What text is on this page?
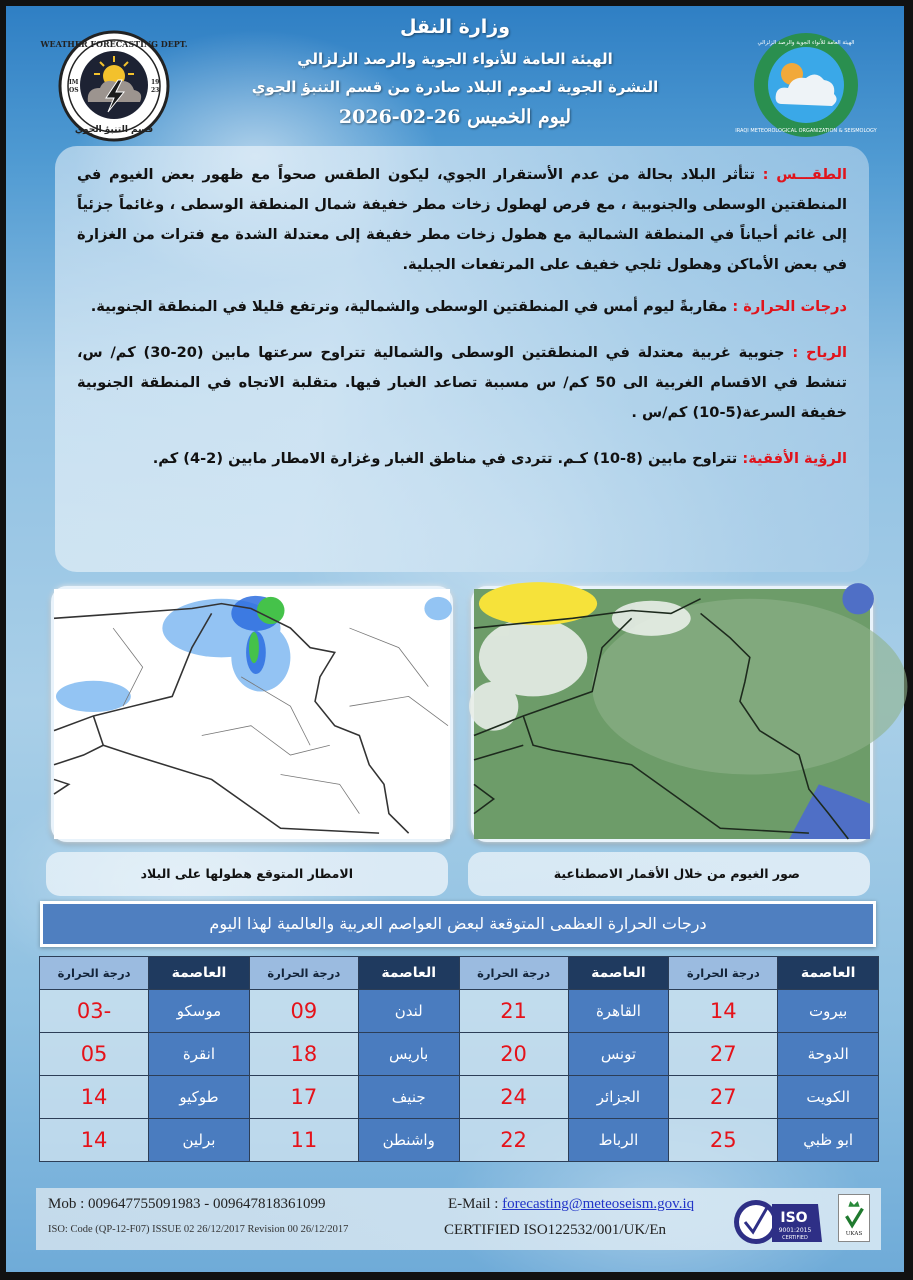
وزارة النقل
الهيئة العامة للأنواء الجوية والرصد الزلزالي
النشرة الجوية لعموم البلاد صادرة من قسم التنبؤ الجوي
ليوم الخميس 26-02-2026
WEATHER FORECASTING DEPT.
IM
OS
19
23
قسم التنبؤ الجوي
الهيئة العامة للأنواء الجوية والرصد الزلزالي
IRAQI METEOROLOGICAL ORGANIZATION & SEISMOLOGY

الطقـــس : تتأثر البلاد بحالة من عدم الأستقرار الجوي، ليكون الطقس صحواً مع ظهور بعض الغيوم في المنطقتين الوسطى والجنوبية ، مع فرص لهطول زخات مطر خفيفة شمال المنطقة الوسطى ، وغائماً جزئياً إلى غائم أحياناً في المنطقة الشمالية مع هطول زخات مطر خفيفة إلى معتدلة الشدة مع فترات من الغزارة في بعض الأماكن وهطول ثلجي خفيف على المرتفعات الجبلية.

درجات الحرارة : مقاربةً ليوم أمس في المنطقتين الوسطى والشمالية، وترتفع قليلا في المنطقة الجنوبية.

الرياح : جنوبية غربية معتدلة في المنطقتين الوسطى والشمالية تتراوح سرعتها مابين (20-30) كم/ س، تنشط في الاقسام الغربية الى 50 كم/ س مسببة تصاعد الغبار فيها. متقلبة الاتجاه في المنطقة الجنوبية خفيفة السرعة(5-10) كم/س .

الرؤية الأفقية: تتراوح مابين (8-10) كـم. تتردى في مناطق الغبار وغزارة الامطار مابين (2-4) كم.

الامطار المتوقع هطولها على البلاد	صور الغيوم من خلال الأقمار الاصطناعية
درجات الحرارة العظمى المتوقعة لبعض العواصم العربية والعالمية لهذا اليوم
العاصمة	درجة الحرارة	العاصمة	درجة الحرارة	العاصمة	درجة الحرارة	العاصمة	درجة الحرارة
بيروت	14	القاهرة	21	لندن	09	موسكو	-03
الدوحة	27	تونس	20	باريس	18	انقرة	05
الكويت	27	الجزائر	24	جنيف	17	طوكيو	14
ابو ظبي	25	الرباط	22	واشنطن	11	برلين	14
Mob : 009647755091983 - 009647818361099
ISO: Code (QP-12-F07) ISSUE 02 26/12/2017 Revision 00 26/12/2017
E-Mail : forecasting@meteoseism.gov.iq
CERTIFIED ISO122532/001/UK/En
ISO
9001:2015
CERTIFIED
UKAS
